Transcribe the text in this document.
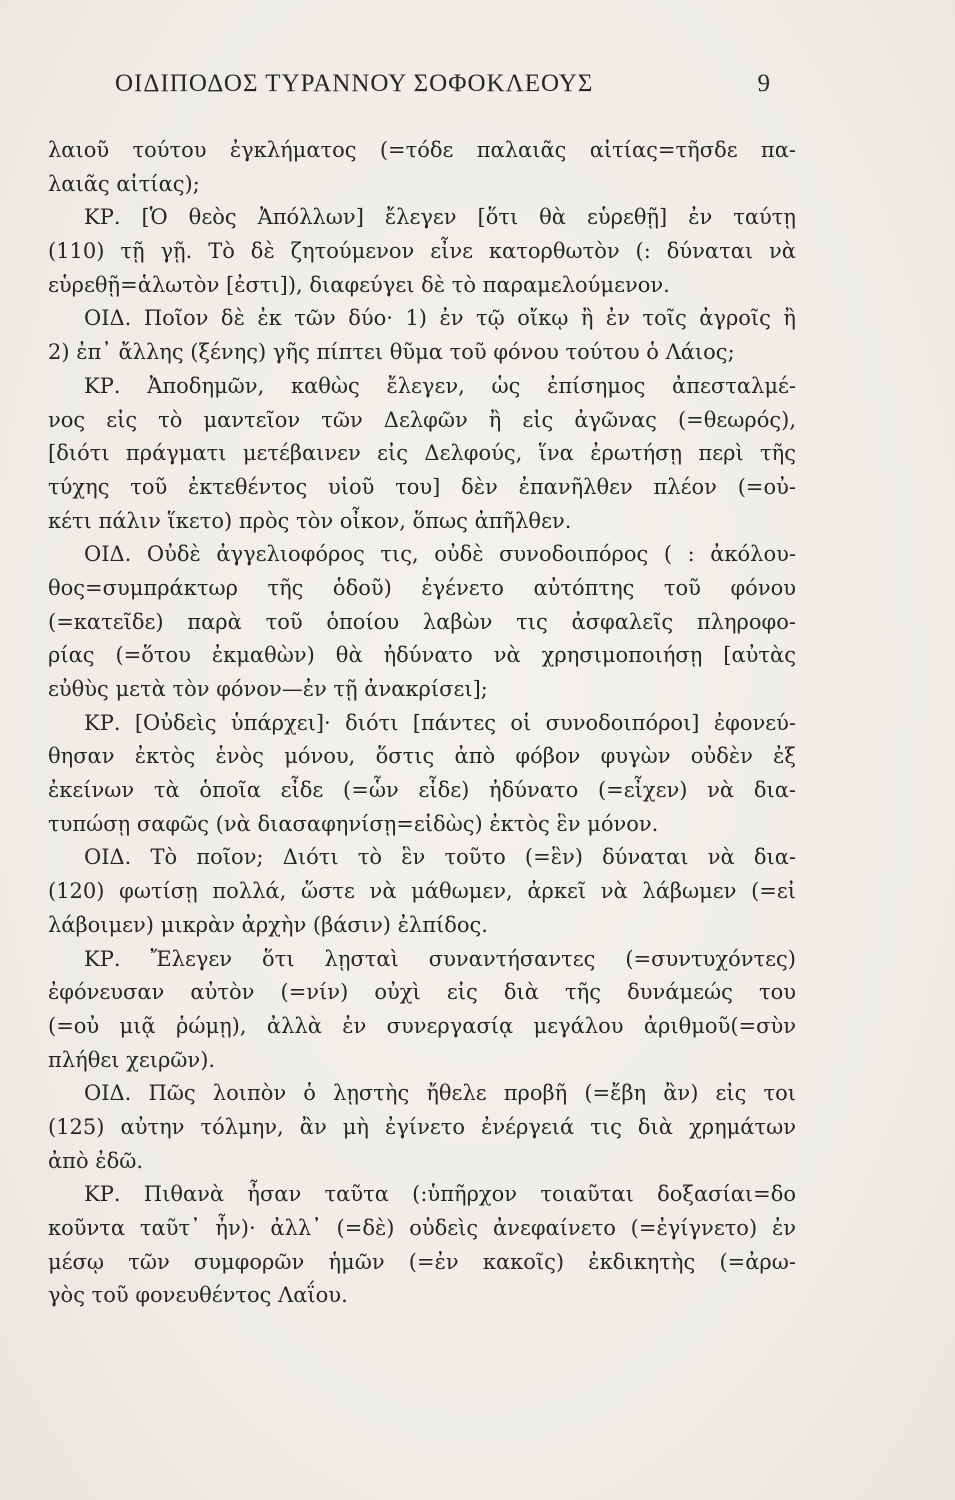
ΟΙΔΙΠΟΔΟΣ ΤΥΡΑΝΝΟΥ ΣΟΦΟΚΛΕΟΥΣ	9
λαιοῦ τούτου ἐγκλήματος (=τόδε παλαιᾶς αἰτίας=τῆσδε πα-
λαιᾶς αἰτίας);
ΚΡ. [Ὁ θεὸς Ἀπόλλων] ἔλεγεν [ὅτι θὰ εὑρεθῇ] ἐν ταύτῃ
(110) τῇ γῇ. Τὸ δὲ ζητούμενον εἶνε κατορθωτὸν (: δύναται νὰ
εὑρεθῇ=ἁλωτὸν [ἐστι]), διαφεύγει δὲ τὸ παραμελούμενον.
ΟΙΔ. Ποῖον δὲ ἐκ τῶν δύο· 1) ἐν τῷ οἴκῳ ἢ ἐν τοῖς ἀγροῖς ἢ
2) ἐπ᾽ ἄλλης (ξένης) γῆς πίπτει θῦμα τοῦ φόνου τούτου ὁ Λάιος;
ΚΡ. Ἀποδημῶν, καθὼς ἔλεγεν, ὡς ἐπίσημος ἀπεσταλμέ-
νος εἰς τὸ μαντεῖον τῶν Δελφῶν ἢ εἰς ἀγῶνας (=θεωρός),
[διότι πράγματι μετέβαινεν εἰς Δελφούς, ἵνα ἐρωτήσῃ περὶ τῆς
τύχης τοῦ ἐκτεθέντος υἱοῦ του] δὲν ἐπανῆλθεν πλέον (=οὐ-
κέτι πάλιν ἵκετο) πρὸς τὸν οἶκον, ὅπως ἀπῆλθεν.
ΟΙΔ. Οὐδὲ ἀγγελιοφόρος τις, οὐδὲ συνοδοιπόρος ( : ἀκόλου-
θος=συμπράκτωρ τῆς ὁδοῦ) ἐγένετο αὐτόπτης τοῦ φόνου
(=κατεῖδε) παρὰ τοῦ ὁποίου λαβὼν τις ἀσφαλεῖς πληροφο-
ρίας (=ὅτου ἐκμαθὼν) θὰ ἠδύνατο νὰ χρησιμοποιήσῃ [αὐτὰς
εὐθὺς μετὰ τὸν φόνον—ἐν τῇ ἀνακρίσει];
ΚΡ. [Οὐδεὶς ὑπάρχει]· διότι [πάντες οἱ συνοδοιπόροι] ἐφονεύ-
θησαν ἐκτὸς ἑνὸς μόνου, ὅστις ἀπὸ φόβον φυγὼν οὐδὲν ἐξ
ἐκείνων τὰ ὁποῖα εἶδε (=ὧν εἶδε) ἠδύνατο (=εἶχεν) νὰ δια-
τυπώσῃ σαφῶς (νὰ διασαφηνίσῃ=εἰδὼς) ἐκτὸς ἓν μόνον.
ΟΙΔ. Τὸ ποῖον; Διότι τὸ ἓν τοῦτο (=ἓν) δύναται νὰ δια-
(120) φωτίσῃ πολλά, ὥστε νὰ μάθωμεν, ἀρκεῖ νὰ λάβωμεν (=εἰ
λάβοιμεν) μικρὰν ἀρχὴν (βάσιν) ἐλπίδος.
ΚΡ. Ἔλεγεν ὅτι λῃσταὶ συναντήσαντες (=συντυχόντες)
ἐφόνευσαν αὐτὸν (=νίν) οὐχὶ εἰς διὰ τῆς δυνάμεώς του
(=οὐ μιᾷ ῥώμῃ), ἀλλὰ ἐν συνεργασίᾳ μεγάλου ἀριθμοῦ(=σὺν
πλήθει χειρῶν).
ΟΙΔ. Πῶς λοιπὸν ὁ λῃστὴς ἤθελε προβῆ (=ἔβη ἂν) εἰς τοι
(125) αὐτην τόλμην, ἂν μὴ ἐγίνετο ἐνέργειά τις διὰ χρημάτων
ἀπὸ ἐδῶ.
ΚΡ. Πιθανὰ ἦσαν ταῦτα (:ὑπῆρχον τοιαῦται δοξασίαι=δο
κοῦντα ταῦτ᾽ ἦν)· ἀλλ᾽ (=δὲ) οὐδεὶς ἀνεφαίνετο (=ἐγίγνετο) ἐν
μέσῳ τῶν συμφορῶν ἡμῶν (=ἐν κακοῖς) ἐκδικητὴς (=ἀρω-
γὸς τοῦ φονευθέντος Λαΐου.
